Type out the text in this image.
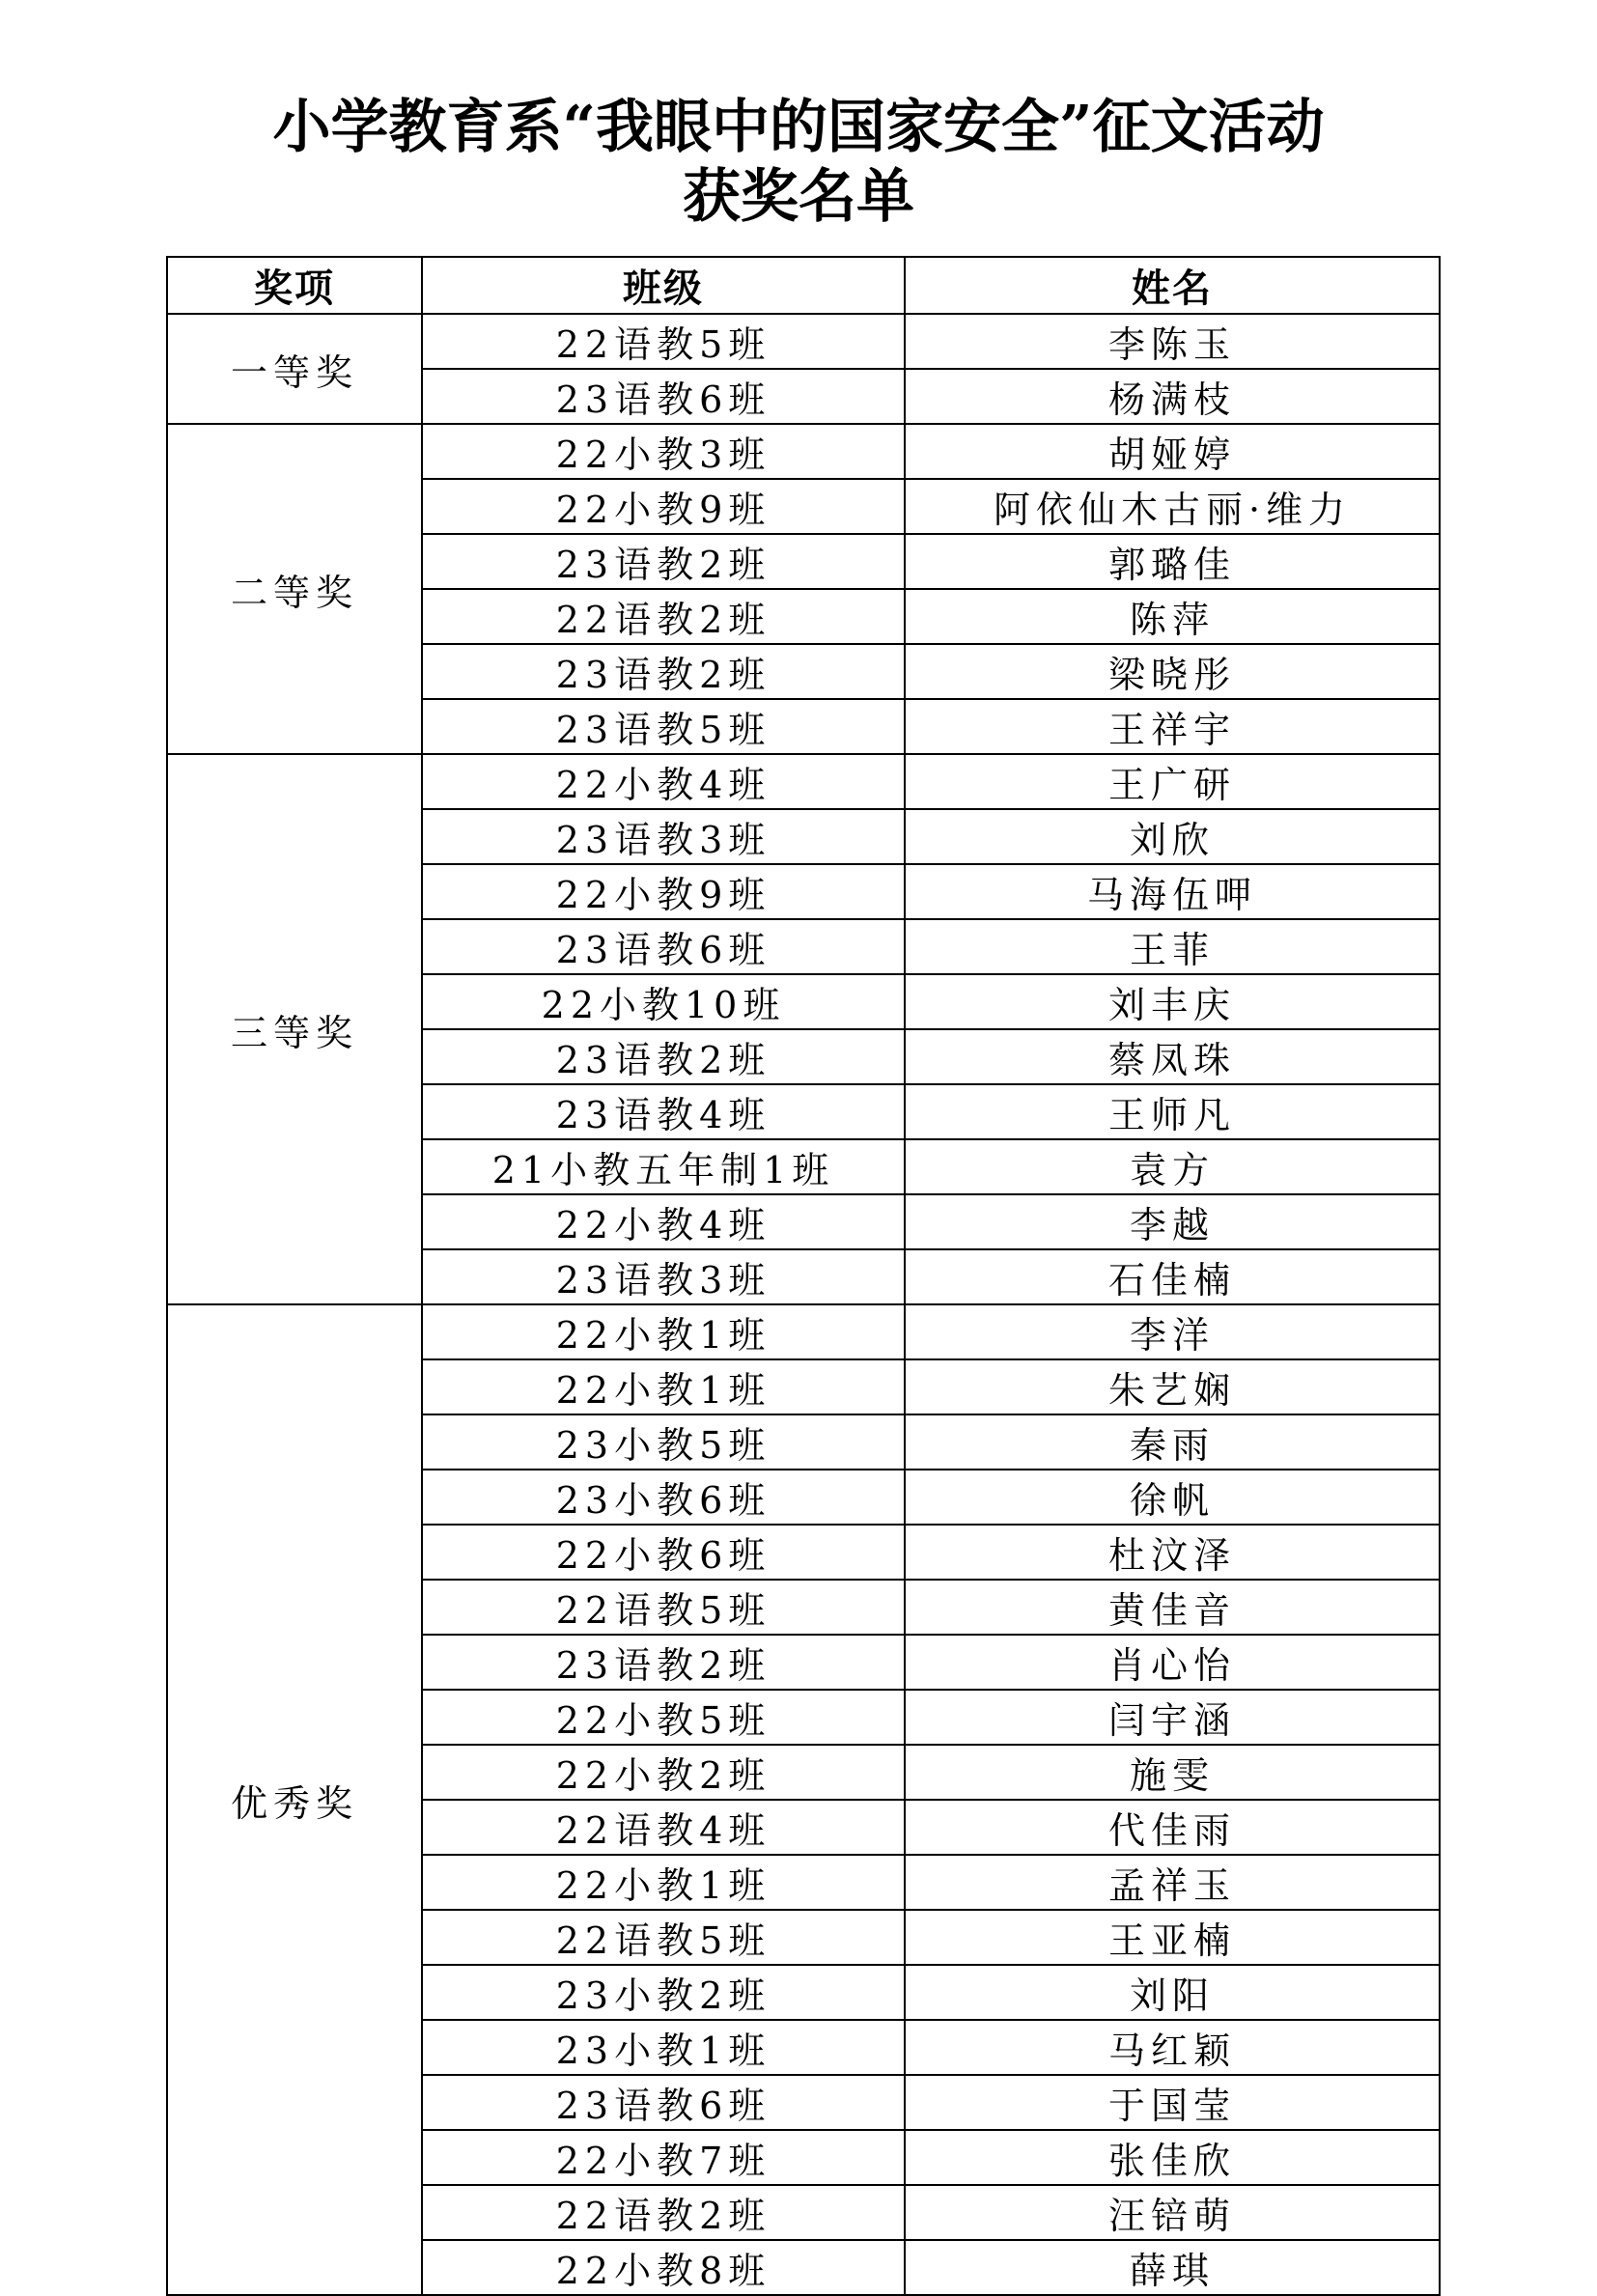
小学教育系“我眼中的国家安全”征文活动
获奖名单
奖项	班级	姓名
一等奖	22语教5班	李陈玉
	23语教6班	杨满枝
二等奖	22小教3班	胡娅婷
	22小教9班	阿依仙木古丽·维力
	23语教2班	郭璐佳
	22语教2班	陈萍
	23语教2班	梁晓彤
	23语教5班	王祥宇
三等奖	22小教4班	王广研
	23语教3班	刘欣
	22小教9班	马海伍呷
	23语教6班	王菲
	22小教10班	刘丰庆
	23语教2班	蔡凤珠
	23语教4班	王师凡
	21小教五年制1班	袁方
	22小教4班	李越
	23语教3班	石佳楠
优秀奖	22小教1班	李洋
	22小教1班	朱艺娴
	23小教5班	秦雨
	23小教6班	徐帆
	22小教6班	杜汶泽
	22语教5班	黄佳音
	23语教2班	肖心怡
	22小教5班	闫宇涵
	22小教2班	施雯
	22语教4班	代佳雨
	22小教1班	孟祥玉
	22语教5班	王亚楠
	23小教2班	刘阳
	23小教1班	马红颖
	23语教6班	于国莹
	22小教7班	张佳欣
	22语教2班	汪锫萌
	22小教8班	薛琪
